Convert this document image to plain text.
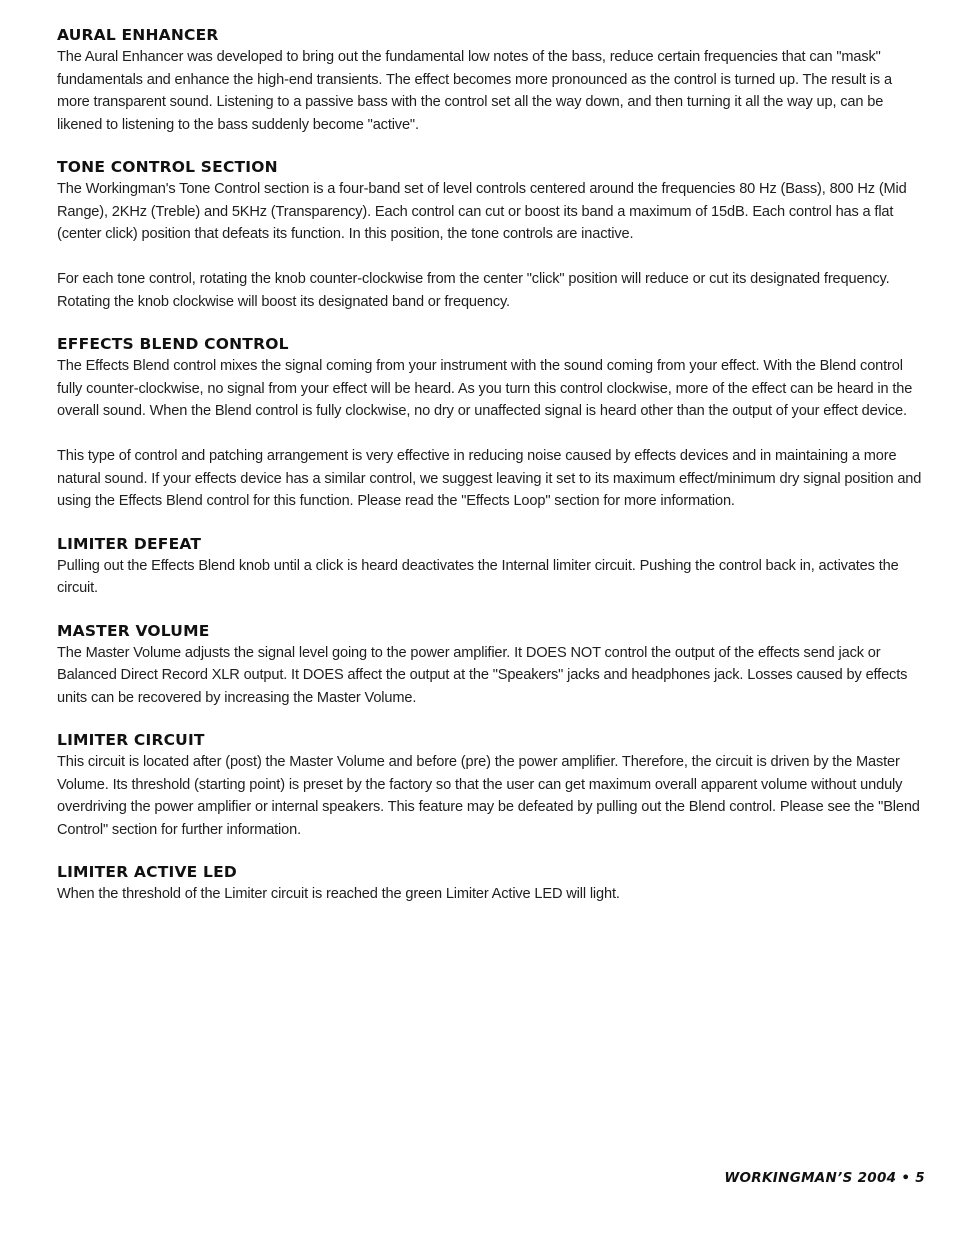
AURAL ENHANCER

The Aural Enhancer was developed to bring out the fundamental low notes of the bass, reduce certain frequencies that can "mask" fundamentals and enhance the high-end transients. The effect becomes more pronounced as the control is turned up. The result is a more transparent sound. Listening to a passive bass with the control set all the way down, and then turning it all the way up, can be likened to listening to the bass suddenly become "active".

TONE CONTROL SECTION

The Workingman's Tone Control section is a four-band set of level controls centered around the frequencies 80 Hz (Bass), 800 Hz (Mid Range), 2KHz (Treble) and 5KHz (Transparency). Each control can cut or boost its band a maximum of 15dB. Each control has a flat (center click) position that defeats its function. In this position, the tone controls are inactive.

For each tone control, rotating the knob counter-clockwise from the center "click" position will reduce or cut its designated frequency. Rotating the knob clockwise will boost its designated band or frequency.

EFFECTS BLEND CONTROL

The Effects Blend control mixes the signal coming from your instrument with the sound coming from your effect. With the Blend control fully counter-clockwise, no signal from your effect will be heard. As you turn this control clockwise, more of the effect can be heard in the overall sound. When the Blend control is fully clockwise, no dry or unaffected signal is heard other than the output of your effect device.

This type of control and patching arrangement is very effective in reducing noise caused by effects devices and in maintaining a more natural sound. If your effects device has a similar control, we suggest leaving it set to its maximum effect/minimum dry signal position and using the Effects Blend control for this function. Please read the "Effects Loop" section for more information.

LIMITER DEFEAT

Pulling out the Effects Blend knob until a click is heard deactivates the Internal limiter circuit. Pushing the control back in, activates the circuit.

MASTER VOLUME

The Master Volume adjusts the signal level going to the power amplifier. It DOES NOT control the output of the effects send jack or Balanced Direct Record XLR output. It DOES affect the output at the "Speakers" jacks and headphones jack. Losses caused by effects units can be recovered by increasing the Master Volume.

LIMITER CIRCUIT

This circuit is located after (post) the Master Volume and before (pre) the power amplifier. Therefore, the circuit is driven by the Master Volume. Its threshold (starting point) is preset by the factory so that the user can get maximum overall apparent volume without unduly overdriving the power amplifier or internal speakers. This feature may be defeated by pulling out the Blend control. Please see the "Blend Control" section for further information.

LIMITER ACTIVE LED

When the threshold of the Limiter circuit is reached the green Limiter Active LED will light.

WORKINGMAN’S 2004 • 5
